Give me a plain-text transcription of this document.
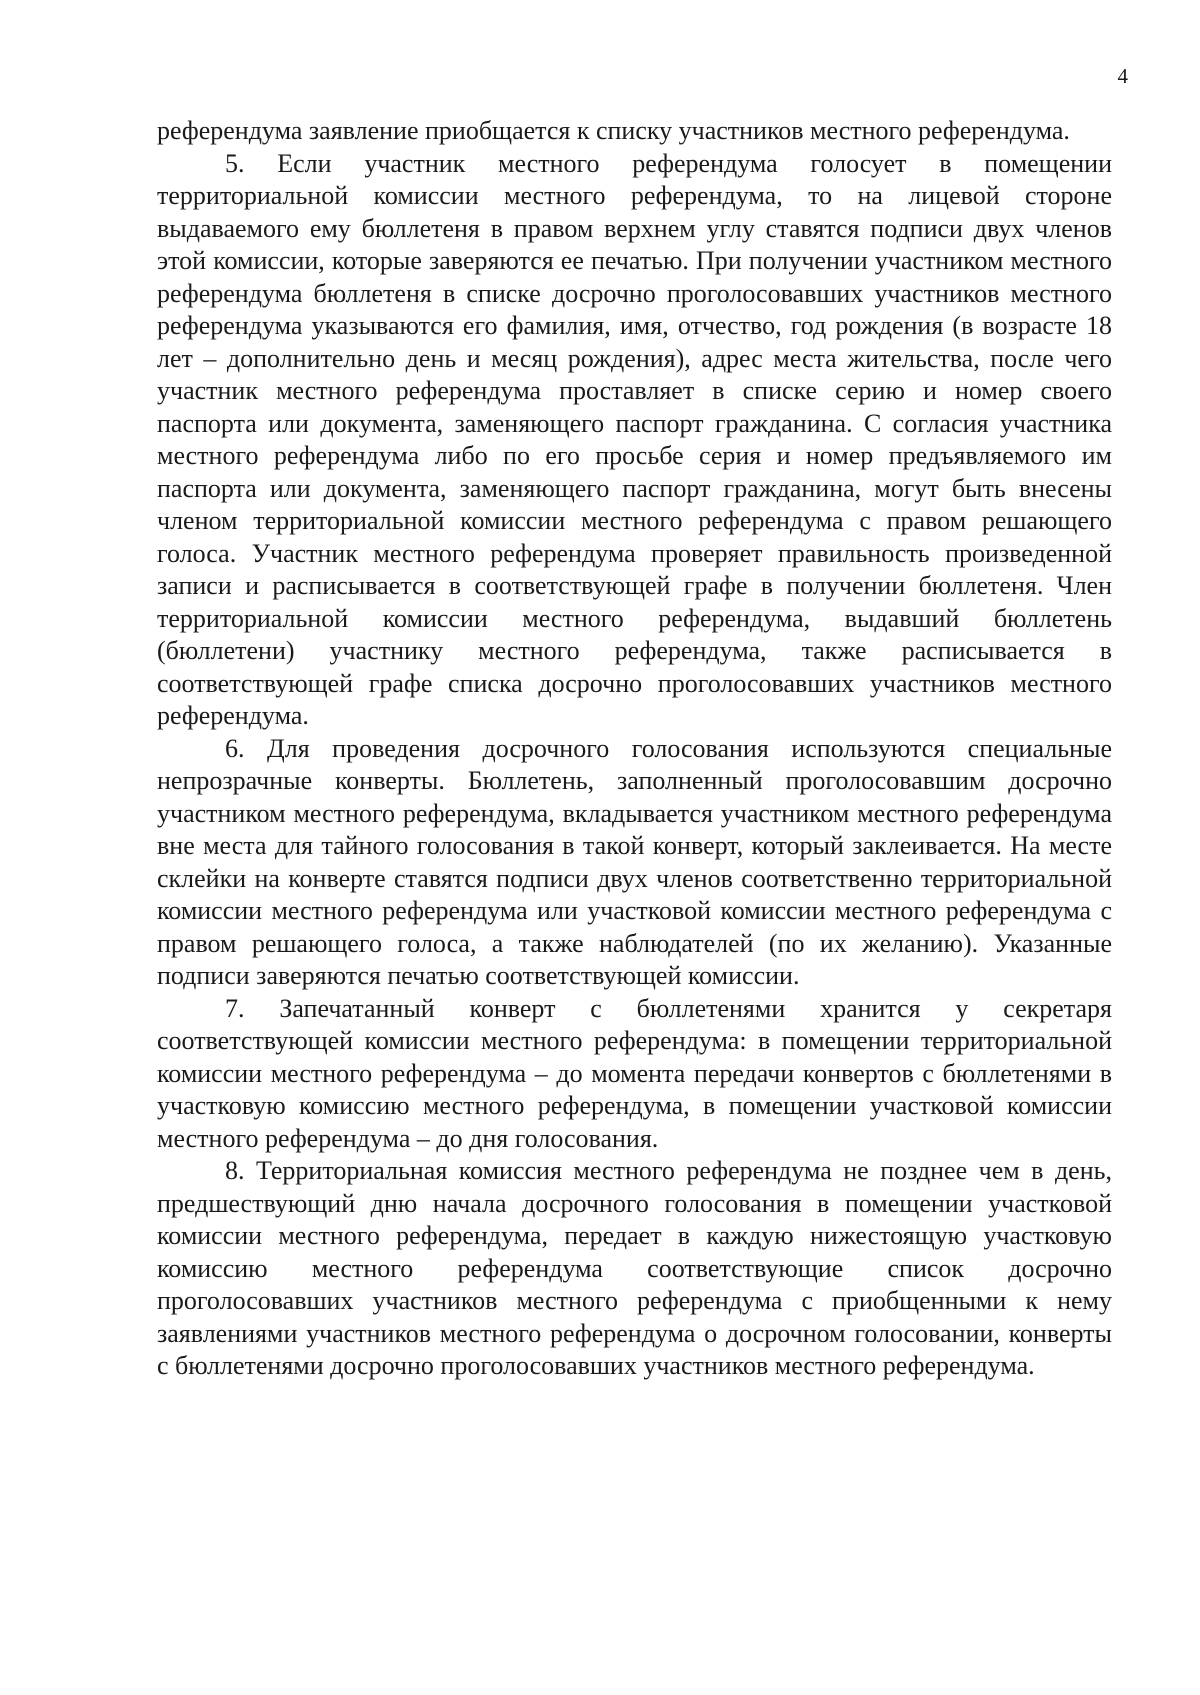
4

референдума заявление приобщается к списку участников местного референдума.

5. Если участник местного референдума голосует в помещении территориальной комиссии местного референдума, то на лицевой стороне выдаваемого ему бюллетеня в правом верхнем углу ставятся подписи двух членов этой комиссии, которые заверяются ее печатью. При получении участником местного референдума бюллетеня в списке досрочно проголосовавших участников местного референдума указываются его фамилия, имя, отчество, год рождения (в возрасте 18 лет – дополнительно день и месяц рождения), адрес места жительства, после чего участник местного референдума проставляет в списке серию и номер своего паспорта или документа, заменяющего паспорт гражданина. С согласия участника местного референдума либо по его просьбе серия и номер предъявляемого им паспорта или документа, заменяющего паспорт гражданина, могут быть внесены членом территориальной комиссии местного референдума с правом решающего голоса. Участник местного референдума проверяет правильность произведенной записи и расписывается в соответствующей графе в получении бюллетеня. Член территориальной комиссии местного референдума, выдавший бюллетень (бюллетени) участнику местного референдума, также расписывается в соответствующей графе списка досрочно проголосовавших участников местного референдума.

6. Для проведения досрочного голосования используются специальные непрозрачные конверты. Бюллетень, заполненный проголосовавшим досрочно участником местного референдума, вкладывается участником местного референдума вне места для тайного голосования в такой конверт, который заклеивается. На месте склейки на конверте ставятся подписи двух членов соответственно территориальной комиссии местного референдума или участковой комиссии местного референдума с правом решающего голоса, а также наблюдателей (по их желанию). Указанные подписи заверяются печатью соответствующей комиссии.

7. Запечатанный конверт с бюллетенями хранится у секретаря соответствующей комиссии местного референдума: в помещении территориальной комиссии местного референдума – до момента передачи конвертов с бюллетенями в участковую комиссию местного референдума, в помещении участковой комиссии местного референдума – до дня голосования.

8. Территориальная комиссия местного референдума не позднее чем в день, предшествующий дню начала досрочного голосования в помещении участковой комиссии местного референдума, передает в каждую нижестоящую участковую комиссию местного референдума соответствующие список досрочно проголосовавших участников местного референдума с приобщенными к нему заявлениями участников местного референдума о досрочном голосовании, конверты с бюллетенями досрочно проголосовавших участников местного референдума.
